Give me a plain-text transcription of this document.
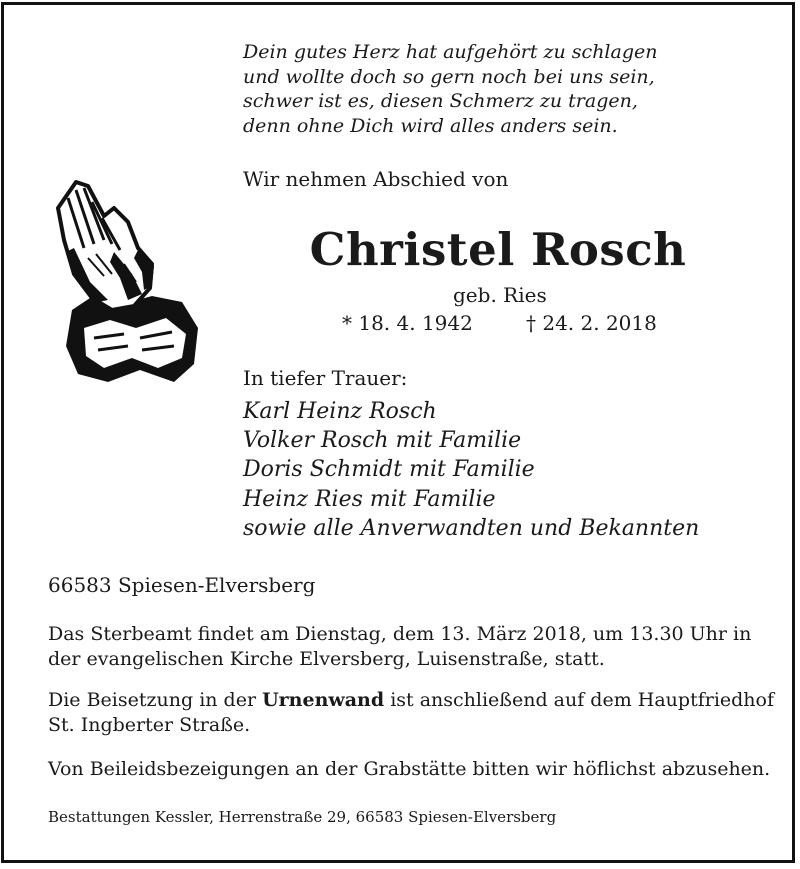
Dein gutes Herz hat aufgehört zu schlagen
und wollte doch so gern noch bei uns sein,
schwer ist es, diesen Schmerz zu tragen,
denn ohne Dich wird alles anders sein.
Wir nehmen Abschied von
Christel Rosch
geb. Ries
* 18. 4. 1942	† 24. 2. 2018
In tiefer Trauer:
Karl Heinz Rosch
Volker Rosch mit Familie
Doris Schmidt mit Familie
Heinz Ries mit Familie
sowie alle Anverwandten und Bekannten
66583 Spiesen-Elversberg
Das Sterbeamt findet am Dienstag, dem 13. März 2018, um 13.30 Uhr in
der evangelischen Kirche Elversberg, Luisenstraße, statt.
Die Beisetzung in der Urnenwand ist anschließend auf dem Hauptfriedhof
St. Ingberter Straße.
Von Beileidsbezeigungen an der Grabstätte bitten wir höflichst abzusehen.
Bestattungen Kessler, Herrenstraße 29, 66583 Spiesen-Elversberg
